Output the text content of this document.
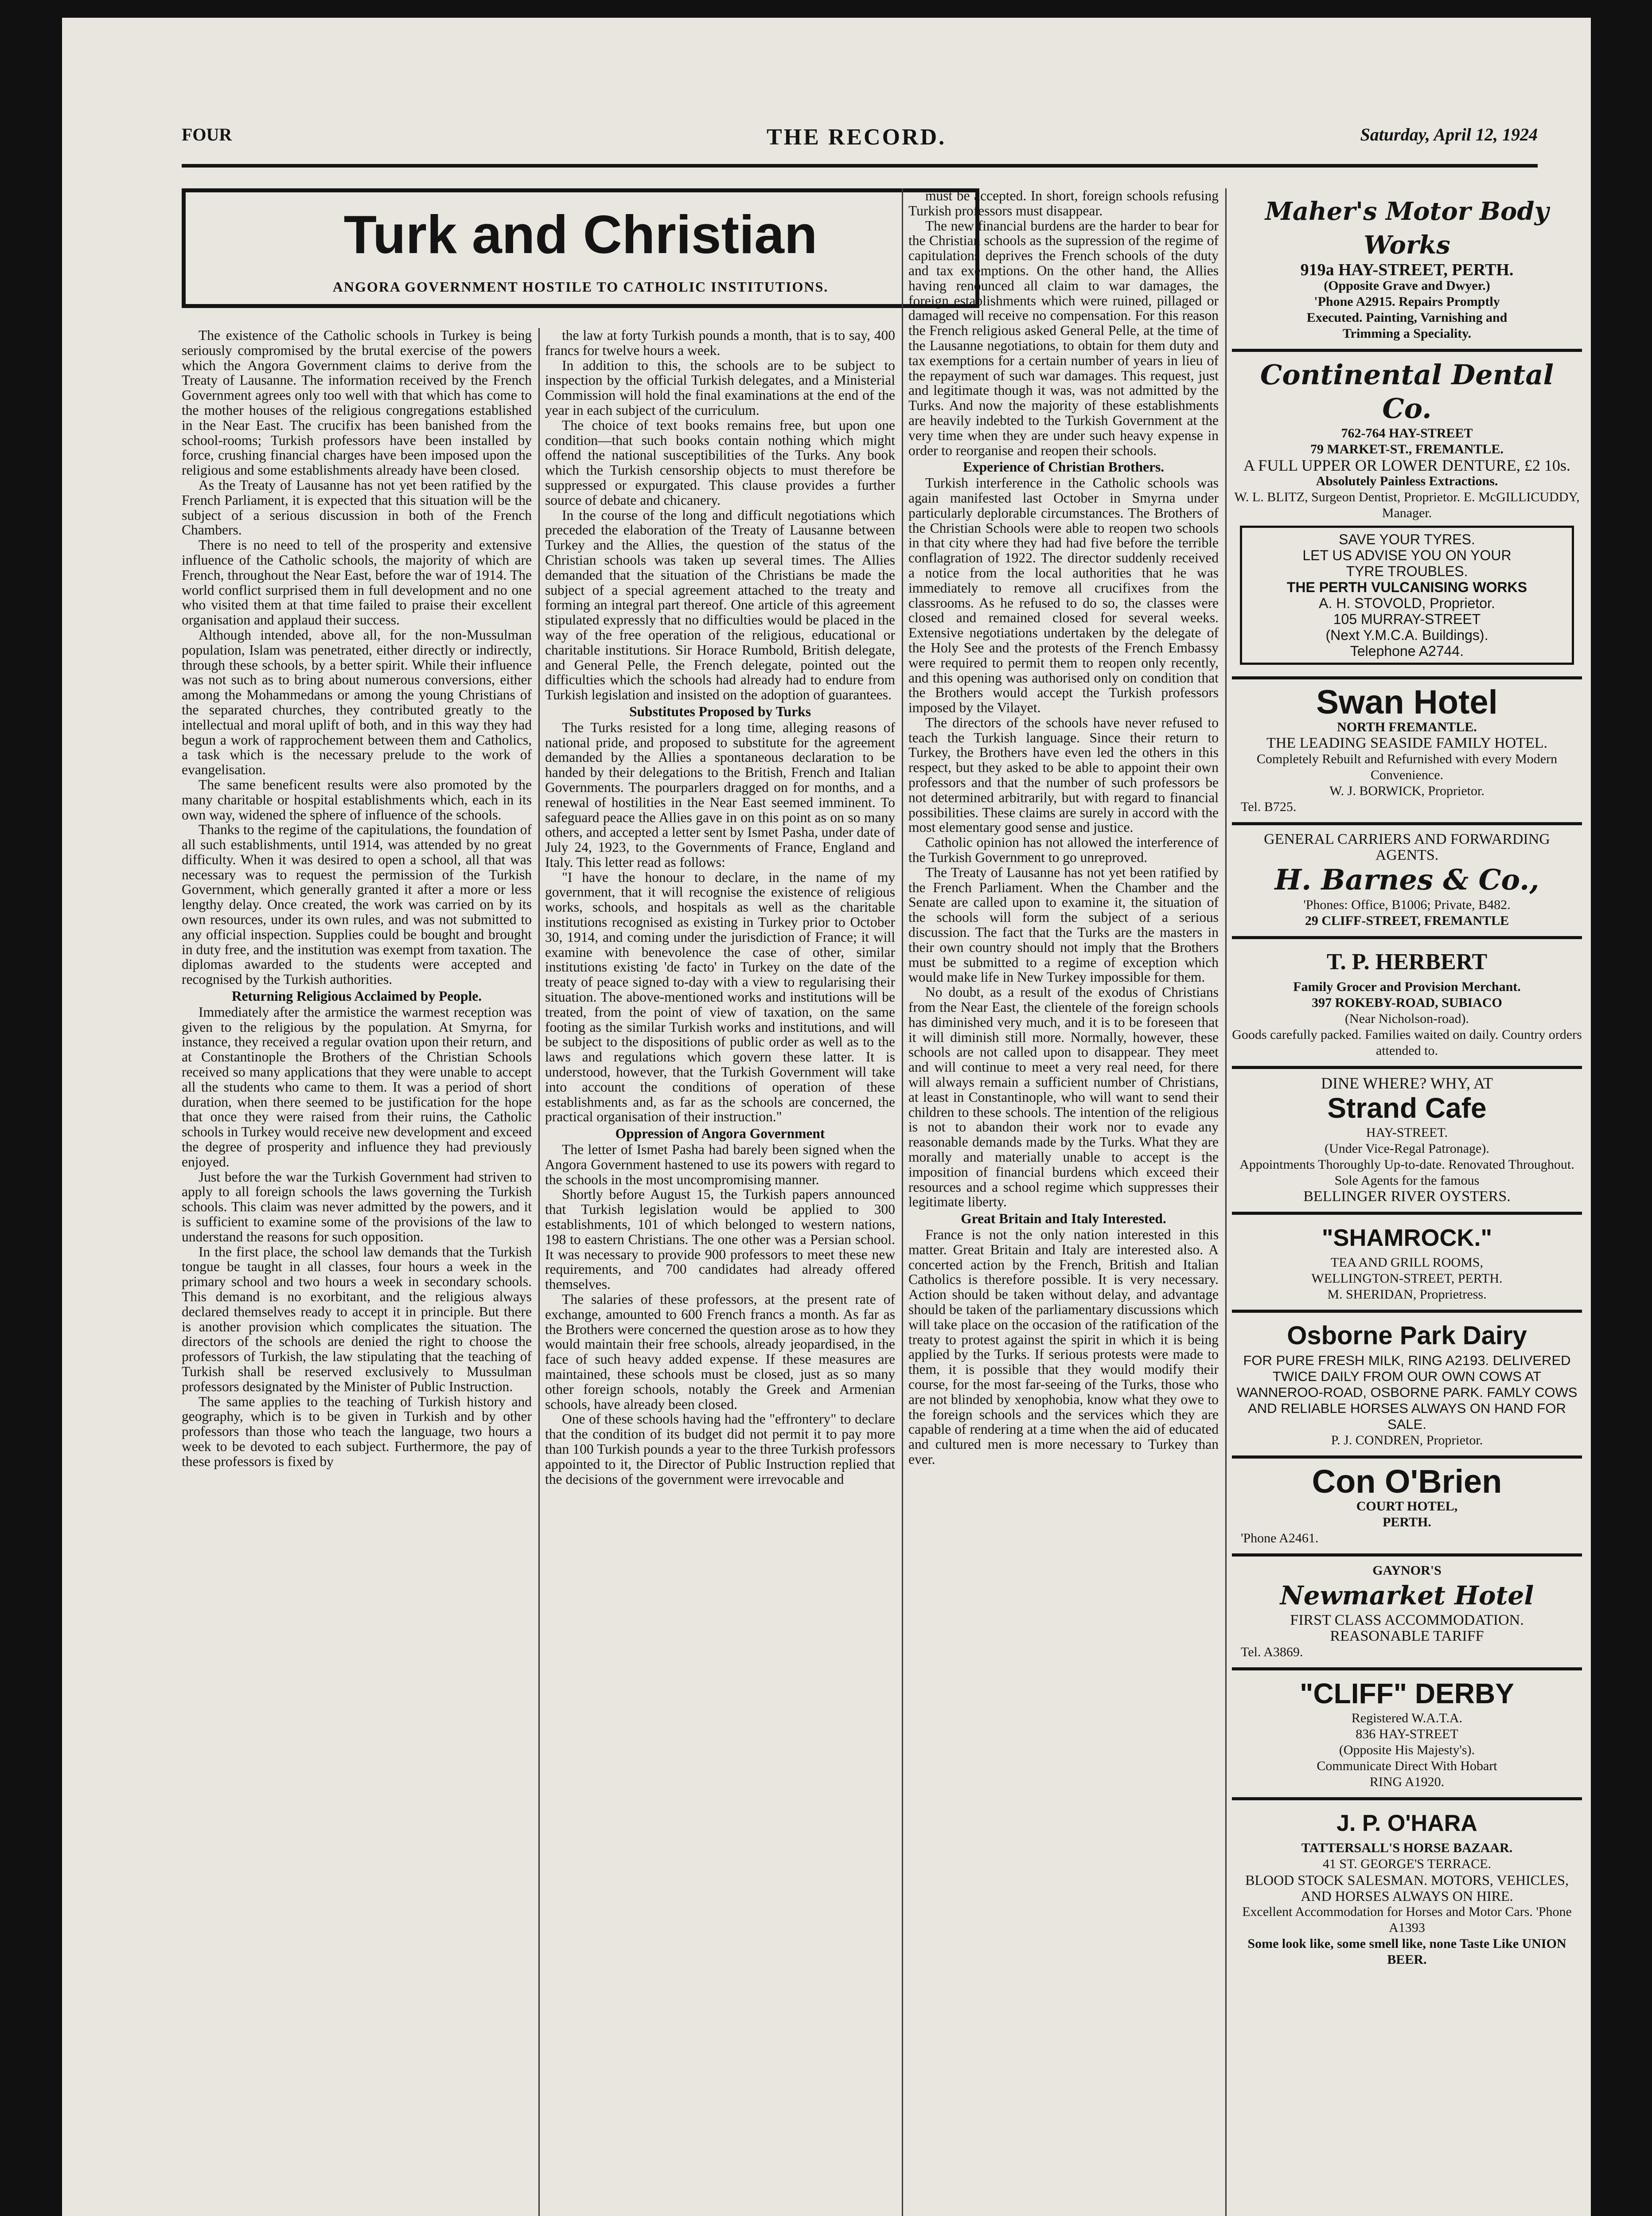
FOUR	THE RECORD.	Saturday, April 12, 1924
Turk and Christian
ANGORA GOVERNMENT HOSTILE TO CATHOLIC INSTITUTIONS.

The existence of the Catholic schools in Turkey is being seriously compromised by the brutal exercise of the powers which the Angora Government claims to derive from the Treaty of Lausanne. The information received by the French Government agrees only too well with that which has come to the mother houses of the religious congregations established in the Near East. The crucifix has been banished from the school-rooms; Turkish professors have been installed by force, crushing financial charges have been imposed upon the religious and some establishments already have been closed.

As the Treaty of Lausanne has not yet been ratified by the French Parliament, it is expected that this situation will be the subject of a serious discussion in both of the French Chambers.

There is no need to tell of the prosperity and extensive influence of the Catholic schools, the majority of which are French, throughout the Near East, before the war of 1914. The world conflict surprised them in full development and no one who visited them at that time failed to praise their excellent organisation and applaud their success.

Although intended, above all, for the non-Mussulman population, Islam was penetrated, either directly or indirectly, through these schools, by a better spirit. While their influence was not such as to bring about numerous conversions, either among the Mohammedans or among the young Christians of the separated churches, they contributed greatly to the intellectual and moral uplift of both, and in this way they had begun a work of rapprochement between them and Catholics, a task which is the necessary prelude to the work of evangelisation.

The same beneficent results were also promoted by the many charitable or hospital establishments which, each in its own way, widened the sphere of influence of the schools.

Thanks to the regime of the capitulations, the foundation of all such establishments, until 1914, was attended by no great difficulty. When it was desired to open a school, all that was necessary was to request the permission of the Turkish Government, which generally granted it after a more or less lengthy delay. Once created, the work was carried on by its own resources, under its own rules, and was not submitted to any official inspection. Supplies could be bought and brought in duty free, and the institution was exempt from taxation. The diplomas awarded to the students were accepted and recognised by the Turkish authorities.

Returning Religious Acclaimed by People.

Immediately after the armistice the warmest reception was given to the religious by the population. At Smyrna, for instance, they received a regular ovation upon their return, and at Constantinople the Brothers of the Christian Schools received so many applications that they were unable to accept all the students who came to them. It was a period of short duration, when there seemed to be justification for the hope that once they were raised from their ruins, the Catholic schools in Turkey would receive new development and exceed the degree of prosperity and influence they had previously enjoyed.

Just before the war the Turkish Government had striven to apply to all foreign schools the laws governing the Turkish schools. This claim was never admitted by the powers, and it is sufficient to examine some of the provisions of the law to understand the reasons for such opposition.

In the first place, the school law demands that the Turkish tongue be taught in all classes, four hours a week in the primary school and two hours a week in secondary schools. This demand is no exorbitant, and the religious always declared themselves ready to accept it in principle. But there is another provision which complicates the situation. The directors of the schools are denied the right to choose the professors of Turkish, the law stipulating that the teaching of Turkish shall be reserved exclusively to Mussulman professors designated by the Minister of Public Instruction.

The same applies to the teaching of Turkish history and geography, which is to be given in Turkish and by other professors than those who teach the language, two hours a week to be devoted to each subject. Furthermore, the pay of these professors is fixed by

the law at forty Turkish pounds a month, that is to say, 400 francs for twelve hours a week.

In addition to this, the schools are to be subject to inspection by the official Turkish delegates, and a Ministerial Commission will hold the final examinations at the end of the year in each subject of the curriculum.

The choice of text books remains free, but upon one condition—that such books contain nothing which might offend the national susceptibilities of the Turks. Any book which the Turkish censorship objects to must therefore be suppressed or expurgated. This clause provides a further source of debate and chicanery.

In the course of the long and difficult negotiations which preceded the elaboration of the Treaty of Lausanne between Turkey and the Allies, the question of the status of the Christian schools was taken up several times. The Allies demanded that the situation of the Christians be made the subject of a special agreement attached to the treaty and forming an integral part thereof. One article of this agreement stipulated expressly that no difficulties would be placed in the way of the free operation of the religious, educational or charitable institutions. Sir Horace Rumbold, British delegate, and General Pelle, the French delegate, pointed out the difficulties which the schools had already had to endure from Turkish legislation and insisted on the adoption of guarantees.

Substitutes Proposed by Turks

The Turks resisted for a long time, alleging reasons of national pride, and proposed to substitute for the agreement demanded by the Allies a spontaneous declaration to be handed by their delegations to the British, French and Italian Governments. The pourparlers dragged on for months, and a renewal of hostilities in the Near East seemed imminent. To safeguard peace the Allies gave in on this point as on so many others, and accepted a letter sent by Ismet Pasha, under date of July 24, 1923, to the Governments of France, England and Italy. This letter read as follows:

"I have the honour to declare, in the name of my government, that it will recognise the existence of religious works, schools, and hospitals as well as the charitable institutions recognised as existing in Turkey prior to October 30, 1914, and coming under the jurisdiction of France; it will examine with benevolence the case of other, similar institutions existing 'de facto' in Turkey on the date of the treaty of peace signed to-day with a view to regularising their situation. The above-mentioned works and institutions will be treated, from the point of view of taxation, on the same footing as the similar Turkish works and institutions, and will be subject to the dispositions of public order as well as to the laws and regulations which govern these latter. It is understood, however, that the Turkish Government will take into account the conditions of operation of these establishments and, as far as the schools are concerned, the practical organisation of their instruction."

Oppression of Angora Government

The letter of Ismet Pasha had barely been signed when the Angora Government hastened to use its powers with regard to the schools in the most uncompromising manner.

Shortly before August 15, the Turkish papers announced that Turkish legislation would be applied to 300 establishments, 101 of which belonged to western nations, 198 to eastern Christians. The one other was a Persian school. It was necessary to provide 900 professors to meet these new requirements, and 700 candidates had already offered themselves.

The salaries of these professors, at the present rate of exchange, amounted to 600 French francs a month. As far as the Brothers were concerned the question arose as to how they would maintain their free schools, already jeopardised, in the face of such heavy added expense. If these measures are maintained, these schools must be closed, just as so many other foreign schools, notably the Greek and Armenian schools, have already been closed.

One of these schools having had the "effrontery" to declare that the condition of its budget did not permit it to pay more than 100 Turkish pounds a year to the three Turkish professors appointed to it, the Director of Public Instruction replied that the decisions of the government were irrevocable and

must be accepted. In short, foreign schools refusing Turkish professors must disappear.

The new financial burdens are the harder to bear for the Christian schools as the supression of the regime of capitulations deprives the French schools of the duty and tax exemptions. On the other hand, the Allies having renounced all claim to war damages, the foreign establishments which were ruined, pillaged or damaged will receive no compensation. For this reason the French religious asked General Pelle, at the time of the Lausanne negotiations, to obtain for them duty and tax exemptions for a certain number of years in lieu of the repayment of such war damages. This request, just and legitimate though it was, was not admitted by the Turks. And now the majority of these establishments are heavily indebted to the Turkish Government at the very time when they are under such heavy expense in order to reorganise and reopen their schools.

Experience of Christian Brothers.

Turkish interference in the Catholic schools was again manifested last October in Smyrna under particularly deplorable circumstances. The Brothers of the Christian Schools were able to reopen two schools in that city where they had had five before the terrible conflagration of 1922. The director suddenly received a notice from the local authorities that he was immediately to remove all crucifixes from the classrooms. As he refused to do so, the classes were closed and remained closed for several weeks. Extensive negotiations undertaken by the delegate of the Holy See and the protests of the French Embassy were required to permit them to reopen only recently, and this opening was authorised only on condition that the Brothers would accept the Turkish professors imposed by the Vilayet.

The directors of the schools have never refused to teach the Turkish language. Since their return to Turkey, the Brothers have even led the others in this respect, but they asked to be able to appoint their own professors and that the number of such professors be not determined arbitrarily, but with regard to financial possibilities. These claims are surely in accord with the most elementary good sense and justice.

Catholic opinion has not allowed the interference of the Turkish Government to go unreproved.

The Treaty of Lausanne has not yet been ratified by the French Parliament. When the Chamber and the Senate are called upon to examine it, the situation of the schools will form the subject of a serious discussion. The fact that the Turks are the masters in their own country should not imply that the Brothers must be submitted to a regime of exception which would make life in New Turkey impossible for them.

No doubt, as a result of the exodus of Christians from the Near East, the clientele of the foreign schools has diminished very much, and it is to be foreseen that it will diminish still more. Normally, however, these schools are not called upon to disappear. They meet and will continue to meet a very real need, for there will always remain a sufficient number of Christians, at least in Constantinople, who will want to send their children to these schools. The intention of the religious is not to abandon their work nor to evade any reasonable demands made by the Turks. What they are morally and materially unable to accept is the imposition of financial burdens which exceed their resources and a school regime which suppresses their legitimate liberty.

Great Britain and Italy Interested.

France is not the only nation interested in this matter. Great Britain and Italy are interested also. A concerted action by the French, British and Italian Catholics is therefore possible. It is very necessary. Action should be taken without delay, and advantage should be taken of the parliamentary discussions which will take place on the occasion of the ratification of the treaty to protest against the spirit in which it is being applied by the Turks. If serious protests were made to them, it is possible that they would modify their course, for the most far-seeing of the Turks, those who are not blinded by xenophobia, know what they owe to the foreign schools and the services which they are capable of rendering at a time when the aid of educated and cultured men is more necessary to Turkey than ever.

Maher's Motor Body Works
919a HAY-STREET, PERTH.
(Opposite Grave and Dwyer.)
'Phone A2915. Repairs Promptly
Executed. Painting, Varnishing and
Trimming a Speciality.
Continental Dental Co.
762-764 HAY-STREET
79 MARKET-ST., FREMANTLE.
A FULL UPPER OR LOWER DENTURE, £2 10s.
Absolutely Painless Extractions.
W. L. BLITZ, Surgeon Dentist, Proprietor. E. McGILLICUDDY, Manager.
SAVE YOUR TYRES.
LET US ADVISE YOU ON YOUR
TYRE TROUBLES.
THE PERTH VULCANISING WORKS
A. H. STOVOLD, Proprietor.
105 MURRAY-STREET
(Next Y.M.C.A. Buildings).
Telephone A2744.
Swan Hotel
NORTH FREMANTLE.
THE LEADING SEASIDE FAMILY HOTEL.
Completely Rebuilt and Refurnished with every Modern Convenience.
W. J. BORWICK, Proprietor.
Tel. B725.
GENERAL CARRIERS AND FORWARDING AGENTS.
H. Barnes & Co.,
'Phones: Office, B1006; Private, B482.
29 CLIFF-STREET, FREMANTLE
T. P. HERBERT
Family Grocer and Provision Merchant.
397 ROKEBY-ROAD, SUBIACO
(Near Nicholson-road).
Goods carefully packed. Families waited on daily. Country orders attended to.
DINE WHERE? WHY, AT
Strand Cafe
HAY-STREET.
(Under Vice-Regal Patronage).
Appointments Thoroughly Up-to-date. Renovated Throughout.
Sole Agents for the famous
BELLINGER RIVER OYSTERS.
"SHAMROCK."
TEA AND GRILL ROOMS,
WELLINGTON-STREET, PERTH.
M. SHERIDAN, Proprietress.
Osborne Park Dairy
FOR PURE FRESH MILK, RING A2193. DELIVERED TWICE DAILY FROM OUR OWN COWS AT WANNEROO-ROAD, OSBORNE PARK. FAMLY COWS AND RELIABLE HORSES ALWAYS ON HAND FOR SALE.
P. J. CONDREN, Proprietor.
Con O'Brien
COURT HOTEL,
PERTH.
'Phone A2461.
GAYNOR'S
Newmarket Hotel
FIRST CLASS ACCOMMODATION.
REASONABLE TARIFF
Tel. A3869.
"CLIFF" DERBY
Registered W.A.T.A.
836 HAY-STREET
(Opposite His Majesty's).
Communicate Direct With Hobart
RING A1920.
J. P. O'HARA
TATTERSALL'S HORSE BAZAAR.
41 ST. GEORGE'S TERRACE.
BLOOD STOCK SALESMAN. MOTORS, VEHICLES, AND HORSES ALWAYS ON HIRE.
Excellent Accommodation for Horses and Motor Cars. 'Phone A1393
Some look like, some smell like, none Taste Like UNION BEER.
